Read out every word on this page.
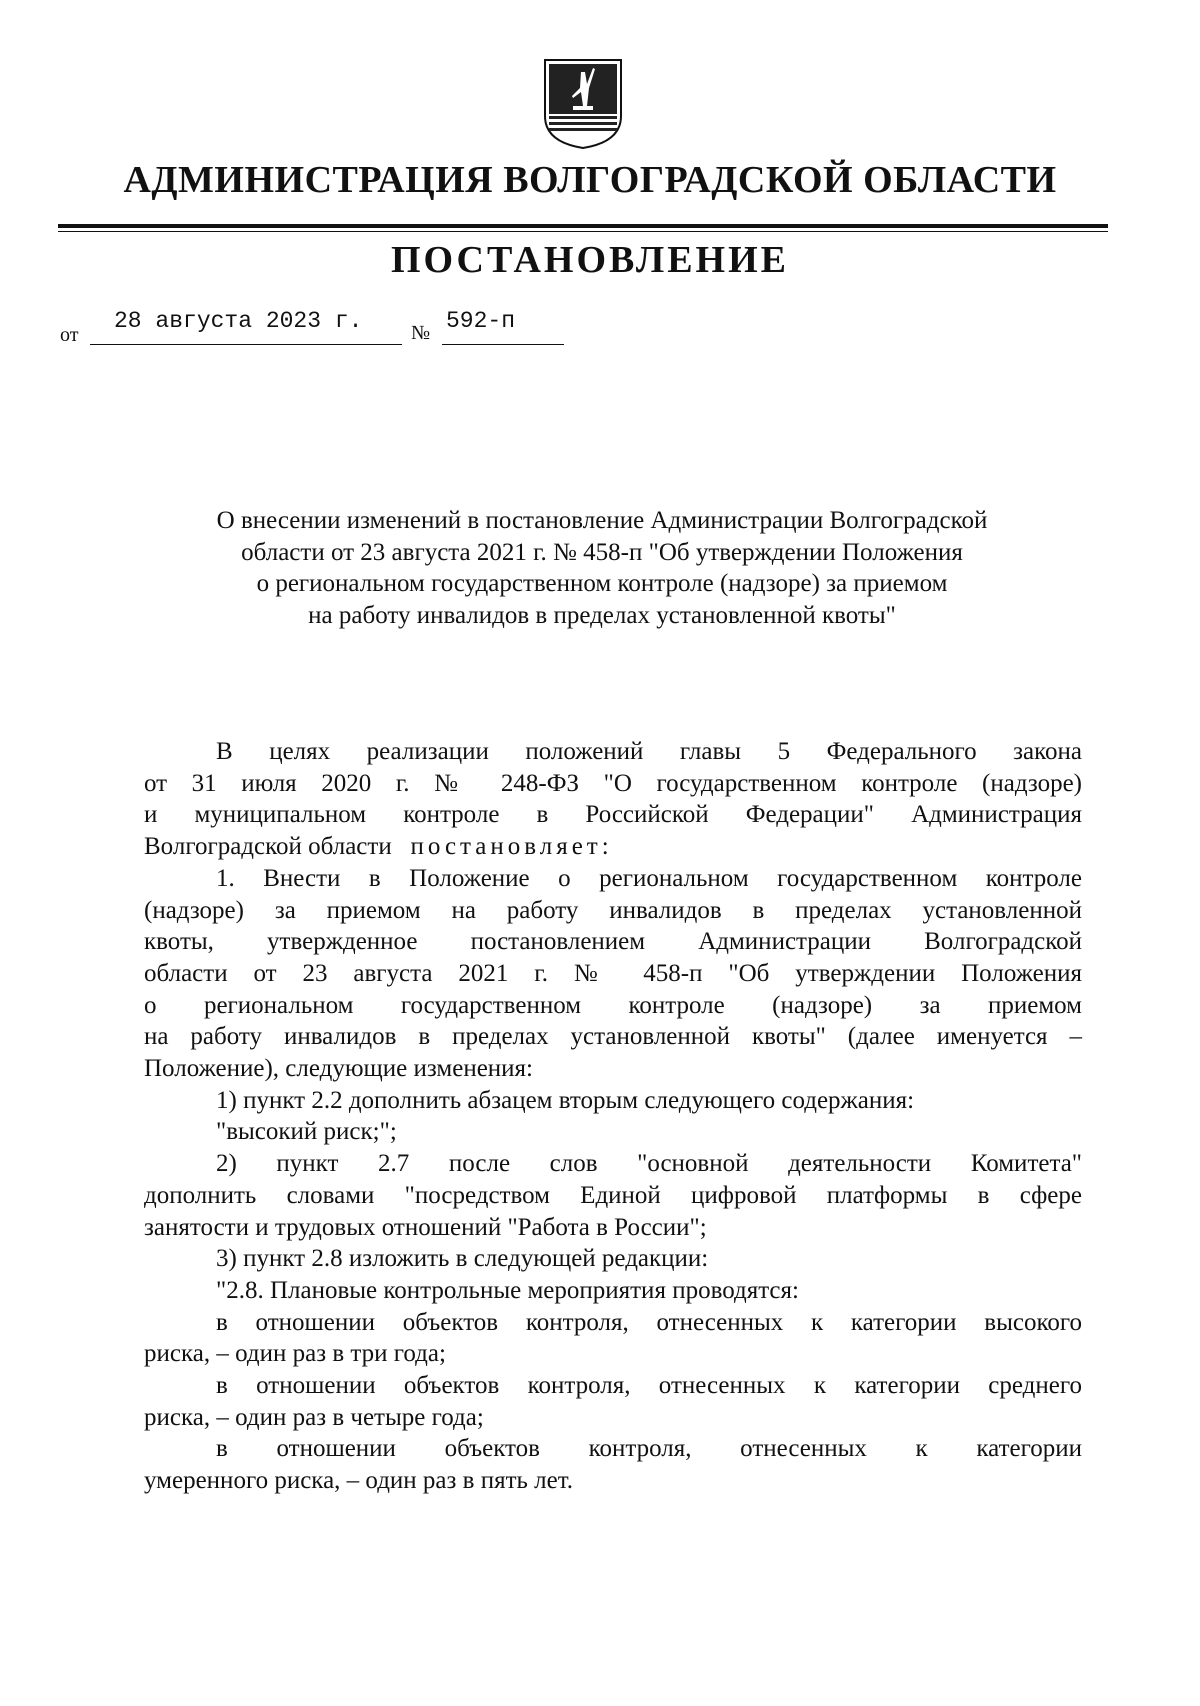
АДМИНИСТРАЦИЯ ВОЛГОГРАДСКОЙ ОБЛАСТИ
ПОСТАНОВЛЕНИЕ
от
28 августа 2023 г. № 592-п
О внесении изменений в постановление Администрации Волгоградской
области от 23 августа 2021 г. № 458-п "Об утверждении Положения
о региональном государственном контроле (надзоре) за приемом
на работу инвалидов в пределах установленной квоты"
В целях реализации положений главы 5 Федерального закона
от 31 июля 2020 г. № 248-ФЗ "О государственном контроле (надзоре)
и муниципальном контроле в Российской Федерации" Администрация
Волгоградской области постановляет:
1. Внести в Положение о региональном государственном контроле
(надзоре) за приемом на работу инвалидов в пределах установленной
квоты, утвержденное постановлением Администрации Волгоградской
области от 23 августа 2021 г. № 458-п "Об утверждении Положения
о региональном государственном контроле (надзоре) за приемом
на работу инвалидов в пределах установленной квоты" (далее именуется –
Положение), следующие изменения:
1) пункт 2.2 дополнить абзацем вторым следующего содержания:
"высокий риск;";
2) пункт 2.7 после слов "основной деятельности Комитета"
дополнить словами "посредством Единой цифровой платформы в сфере
занятости и трудовых отношений "Работа в России";
3) пункт 2.8 изложить в следующей редакции:
"2.8. Плановые контрольные мероприятия проводятся:
в отношении объектов контроля, отнесенных к категории высокого
риска, – один раз в три года;
в отношении объектов контроля, отнесенных к категории среднего
риска, – один раз в четыре года;
в отношении объектов контроля, отнесенных к категории
умеренного риска, – один раз в пять лет.
